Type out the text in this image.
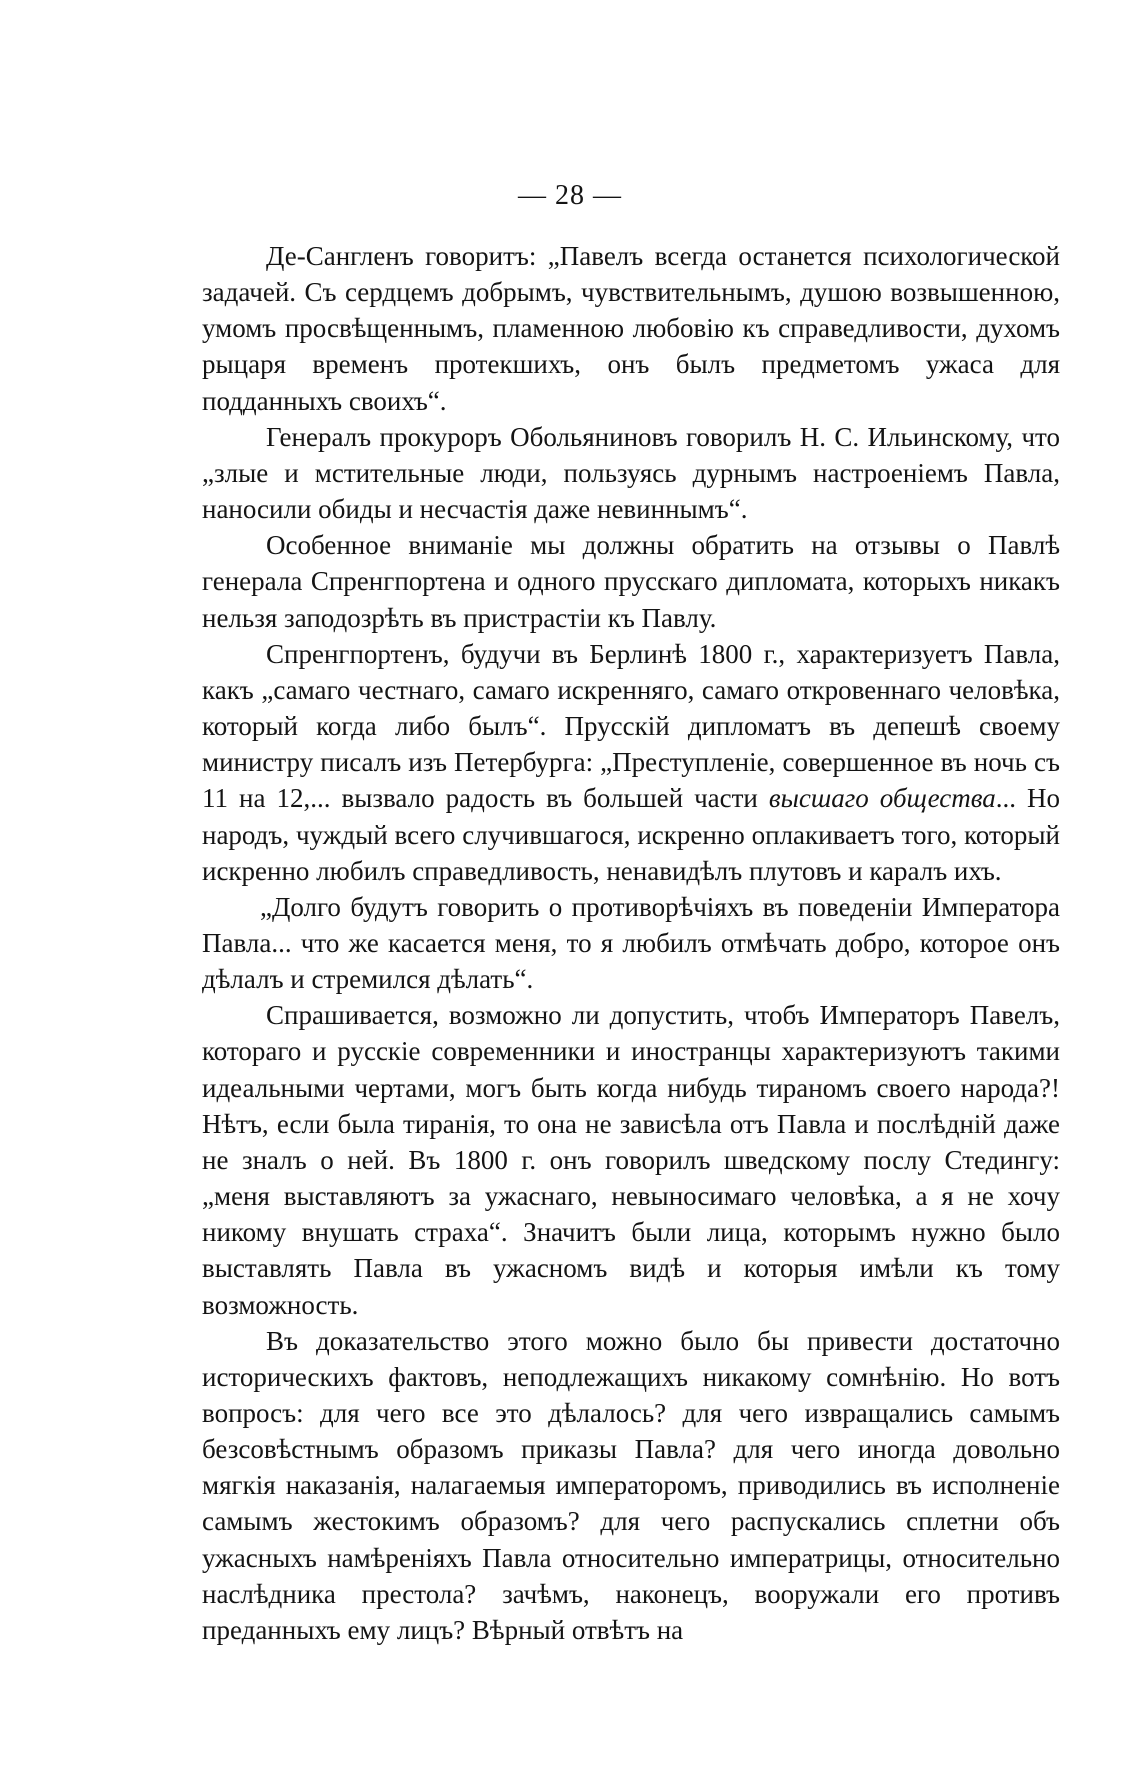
— 28 —

Де-Сангленъ говоритъ: „Павелъ всегда останется психологической задачей. Съ сердцемъ добрымъ, чувствительнымъ, душою возвышенною, умомъ просвѣщеннымъ, пламенною любовiю къ справедливости, духомъ рыцаря временъ протекшихъ, онъ былъ предметомъ ужаса для подданныхъ своихъ“.

Генералъ прокуроръ Обольяниновъ говорилъ Н. С. Ильинскому, что „злые и мстительные люди, пользуясь дурнымъ настроенiемъ Павла, наносили обиды и несчастiя даже невиннымъ“.

Особенное вниманiе мы должны обратить на отзывы о Павлѣ генерала Спренгпортена и одного прусскаго дипломата, которыхъ никакъ нельзя заподозрѣть въ пристрастiи къ Павлу.

Спренгпортенъ, будучи въ Берлинѣ 1800 г., характеризуетъ Павла, какъ „самаго честнаго, самаго искренняго, самаго откровеннаго человѣка, который когда либо былъ“. Прусскiй дипломатъ въ депешѣ своему министру писалъ изъ Петербурга: „Преступленiе, совершенное въ ночь съ 11 на 12,... вызвало радость въ большей части высшаго общества... Но народъ, чуждый всего случившагося, искренно оплакиваетъ того, который искренно любилъ справедливость, ненавидѣлъ плутовъ и каралъ ихъ.

„Долго будутъ говорить о противорѣчiяхъ въ поведенiи Императора Павла... что же касается меня, то я любилъ отмѣчать добро, которое онъ дѣлалъ и стремился дѣлать“.

Спрашивается, возможно ли допустить, чтобъ Императоръ Павелъ, котораго и русскiе современники и иностранцы характеризуютъ такими идеальными чертами, могъ быть когда нибудь тираномъ своего народа?! Нѣтъ, если была тиранiя, то она не зависѣла отъ Павла и послѣднiй даже не зналъ о ней. Въ 1800 г. онъ говорилъ шведскому послу Стедингу: „меня выставляютъ за ужаснаго, невыносимаго человѣка, а я не хочу никому внушать страха“. Значитъ были лица, которымъ нужно было выставлять Павла въ ужасномъ видѣ и которыя имѣли къ тому возможность.

Въ доказательство этого можно было бы привести достаточно историческихъ фактовъ, неподлежащихъ никакому сомнѣнiю. Но вотъ вопросъ: для чего все это дѣлалось? для чего извращались самымъ безсовѣстнымъ образомъ приказы Павла? для чего иногда довольно мягкiя наказанiя, налагаемыя императоромъ, приводились въ исполненiе самымъ жестокимъ образомъ? для чего распускались сплетни объ ужасныхъ намѣренiяхъ Павла относительно императрицы, относительно наслѣдника престола? зачѣмъ, наконецъ, вооружали его противъ преданныхъ ему лицъ? Вѣрный отвѣтъ на
